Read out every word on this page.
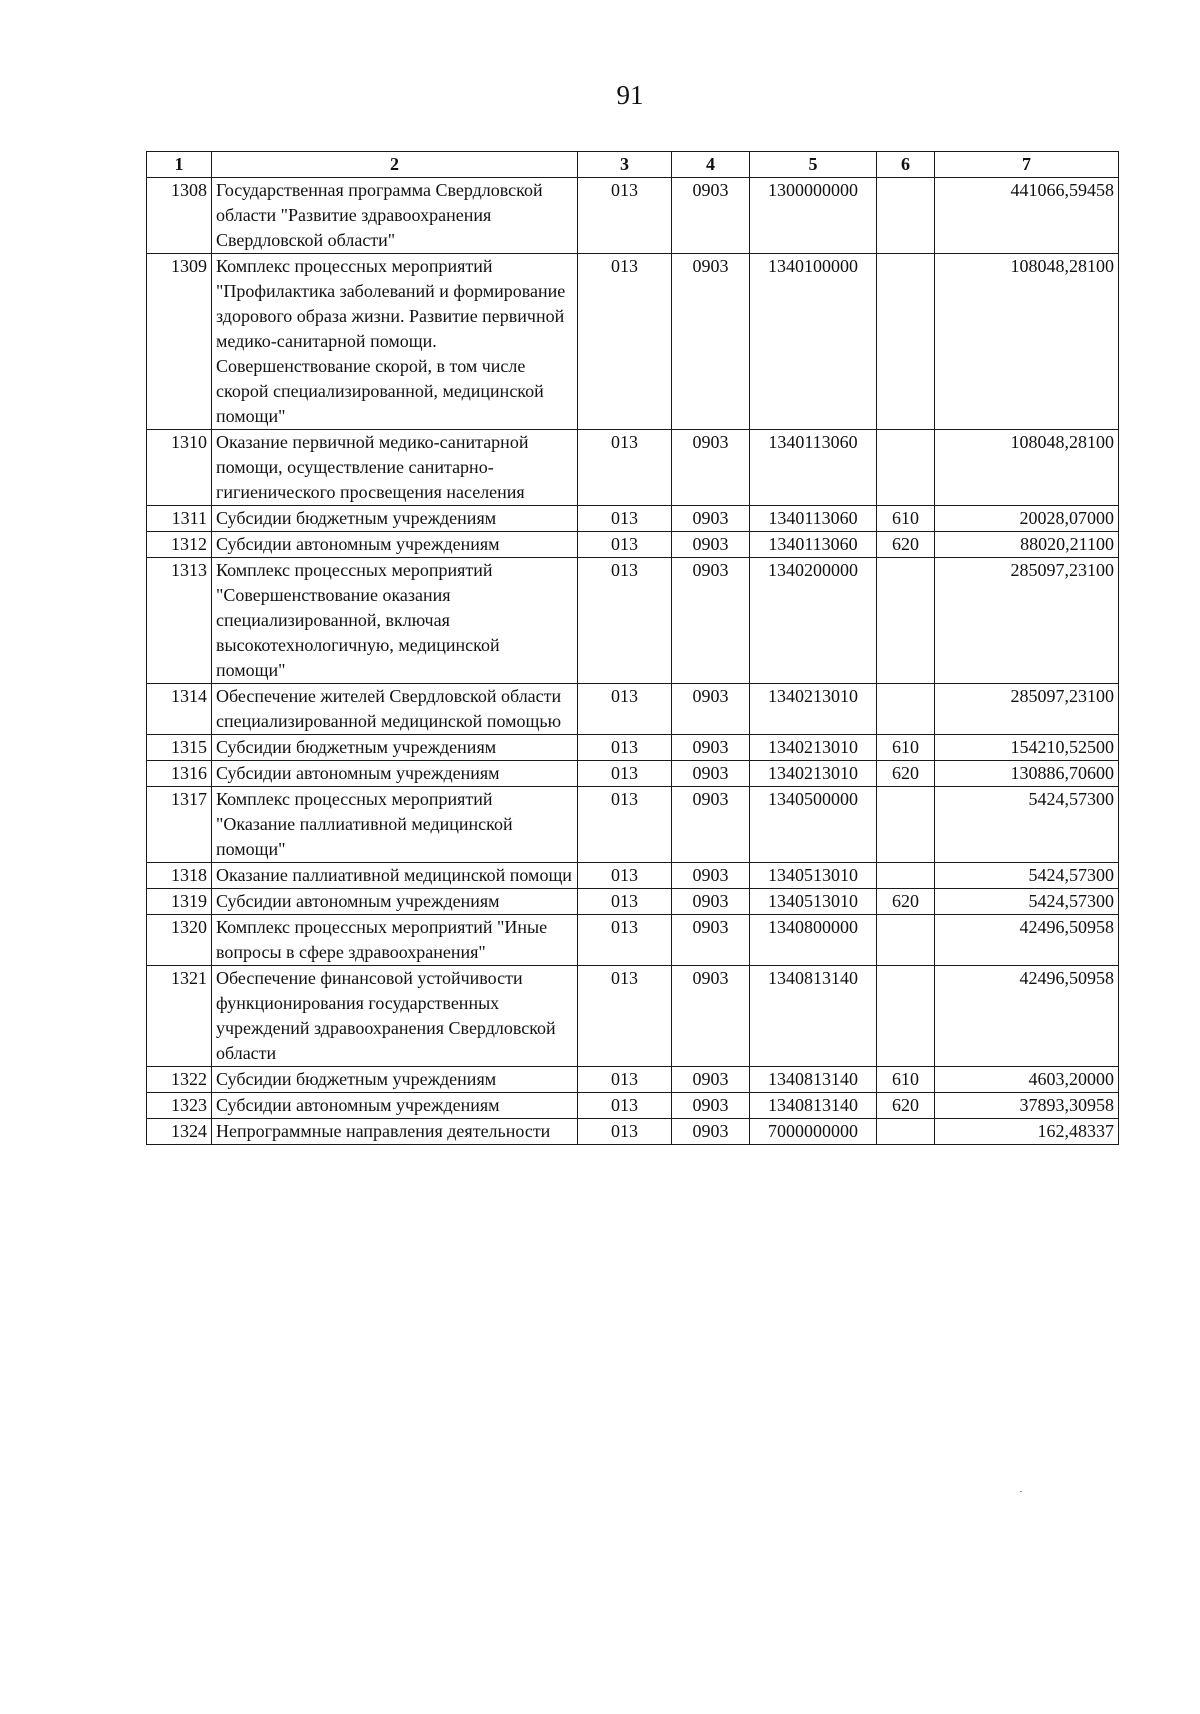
91
1	2	3	4	5	6	7
1308	Государственная программа Свердловской области "Развитие здравоохранения Свердловской области"	013	0903	1300000000		441066,59458
1309	Комплекс процессных мероприятий "Профилактика заболеваний и формирование здорового образа жизни. Развитие первичной медико-санитарной помощи. Совершенствование скорой, в том числе скорой специализированной, медицинской помощи"	013	0903	1340100000		108048,28100
1310	Оказание первичной медико-санитарной помощи, осуществление санитарно-гигиенического просвещения населения	013	0903	1340113060		108048,28100
1311	Субсидии бюджетным учреждениям	013	0903	1340113060	610	20028,07000
1312	Субсидии автономным учреждениям	013	0903	1340113060	620	88020,21100
1313	Комплекс процессных мероприятий "Совершенствование оказания специализированной, включая высокотехнологичную, медицинской помощи"	013	0903	1340200000		285097,23100
1314	Обеспечение жителей Свердловской области специализированной медицинской помощью	013	0903	1340213010		285097,23100
1315	Субсидии бюджетным учреждениям	013	0903	1340213010	610	154210,52500
1316	Субсидии автономным учреждениям	013	0903	1340213010	620	130886,70600
1317	Комплекс процессных мероприятий "Оказание паллиативной медицинской помощи"	013	0903	1340500000		5424,57300
1318	Оказание паллиативной медицинской помощи	013	0903	1340513010		5424,57300
1319	Субсидии автономным учреждениям	013	0903	1340513010	620	5424,57300
1320	Комплекс процессных мероприятий "Иные вопросы в сфере здравоохранения"	013	0903	1340800000		42496,50958
1321	Обеспечение финансовой устойчивости функционирования государственных учреждений здравоохранения Свердловской области	013	0903	1340813140		42496,50958
1322	Субсидии бюджетным учреждениям	013	0903	1340813140	610	4603,20000
1323	Субсидии автономным учреждениям	013	0903	1340813140	620	37893,30958
1324	Непрограммные направления деятельности	013	0903	7000000000		162,48337
